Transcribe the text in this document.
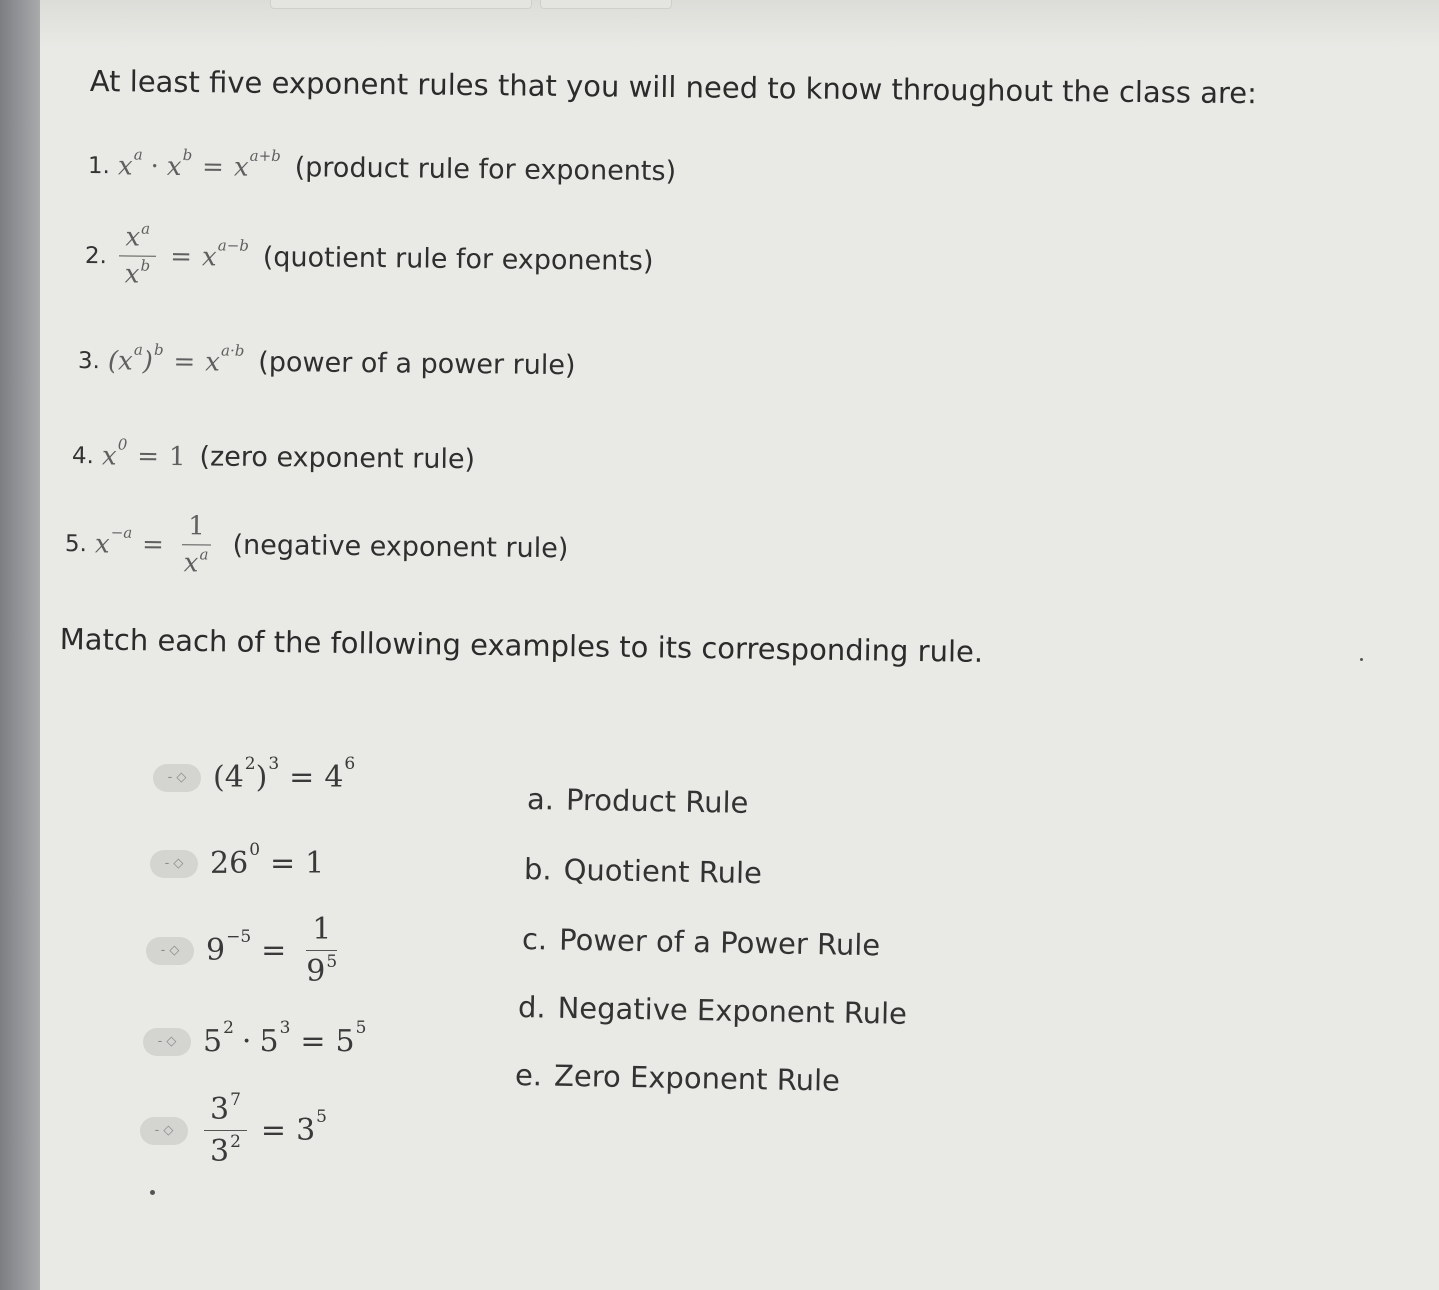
At least five exponent rules that you will need to know throughout the class are:

1. x a · x b = x a+b (product rule for exponents)
2. $\frac{x^a}{x^b} = x$ a−b (quotient rule for exponents)
3. (x a ) b = x a·b (power of a power rule)
4. x 0 = 1 (zero exponent rule)
5. $x -a = \frac{1}{x^a}$ (negative exponent rule)

Match each of the following examples to its corresponding rule.

- ◇ (4 2 ) 3 = 4 6
- ◇ 26 0 = 1
- ◇ $9 -5 = \frac{1}{9^5}$
- ◇ 5 2 · 5 3 = 5 5
- ◇	$\frac{3^7}{3^2} = 3$ 5
a. Product Rule
b. Quotient Rule
c. Power of a Power Rule
d. Negative Exponent Rule
e. Zero Exponent Rule
